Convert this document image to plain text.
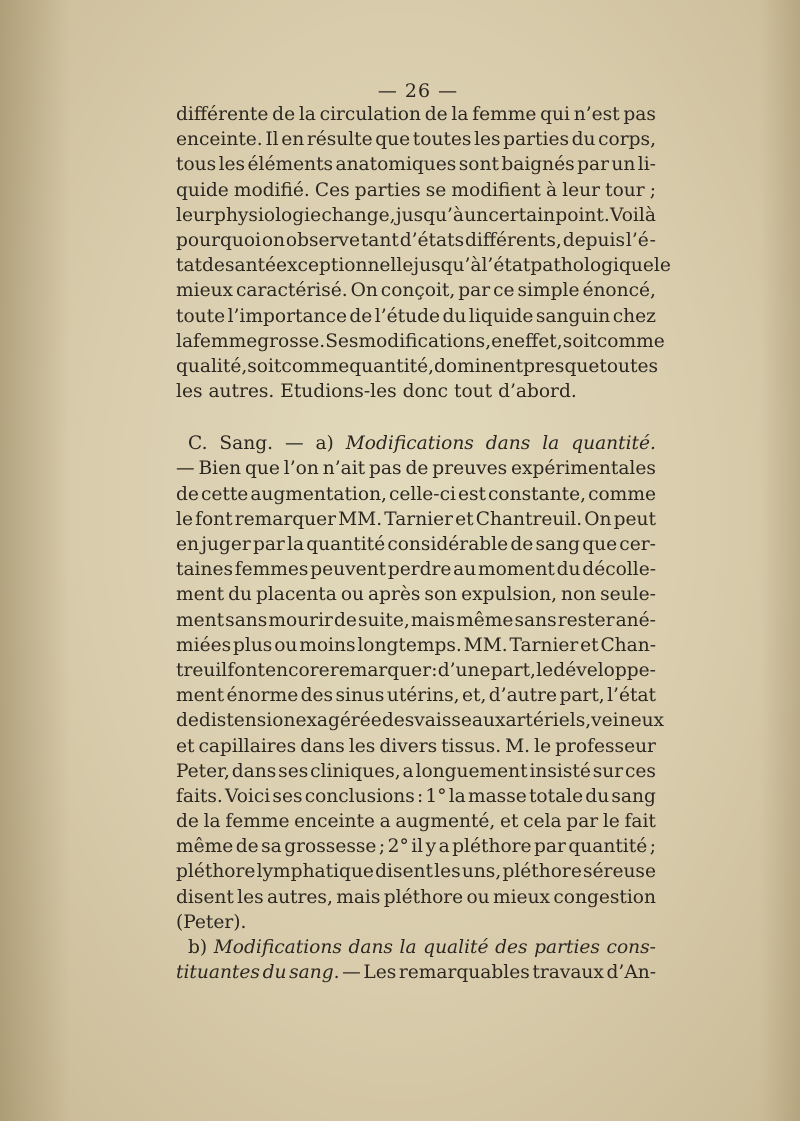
— 26 —
différente de la circulation de la femme qui n’est pas
enceinte. Il en résulte que toutes les parties du corps,
tous les éléments anatomiques sont baignés par un li-
quide modifié. Ces parties se modifient à leur tour ;
leur physiologie change, jusqu’à un certain point. Voilà
pourquoi on observe tant d’états différents, depuis l’é -
tat de santé exceptionnelle jusqu’à l’état pathologique le
mieux caractérisé. On conçoit, par ce simple énoncé,
toute l’importance de l’étude du liquide sanguin chez
la femme grosse. Ses modifications, en effet, soit comme
qualité, soit comme quantité, dominent presque toutes
les autres. Etudions-les donc tout d’abord.
C. Sang. — a) Modifications dans la quantité.
— Bien que l’on n’ait pas de preuves expérimentales
de cette augmentation, celle-ci est constante, comme
le font remarquer MM. Tarnier et Chantreuil. On peut
en juger par la quantité considérable de sang que cer-
taines femmes peuvent perdre au moment du décolle-
ment du placenta ou après son expulsion, non seule-
ment sans mourir de suite, mais même sans rester ané-
miées plus ou moins longtemps. MM. Tarnier et Chan-
treuil font encore remarquer : d’une part, le développe-
ment énorme des sinus utérins, et, d’autre part, l’état
de distension exagérée des vaisseaux artériels, veineux
et capillaires dans les divers tissus. M. le professeur
Peter, dans ses cliniques, a longuement insisté sur ces
faits. Voici ses conclusions : 1° la masse totale du sang
de la femme enceinte a augmenté, et cela par le fait
même de sa grossesse ; 2° il y a pléthore par quantité ;
pléthore lymphatique disent les uns, pléthore séreuse
disent les autres, mais pléthore ou mieux congestion
(Peter).
b) Modifications dans la qualité des parties cons-
tituantes du sang. — Les remarquables travaux d’An-
